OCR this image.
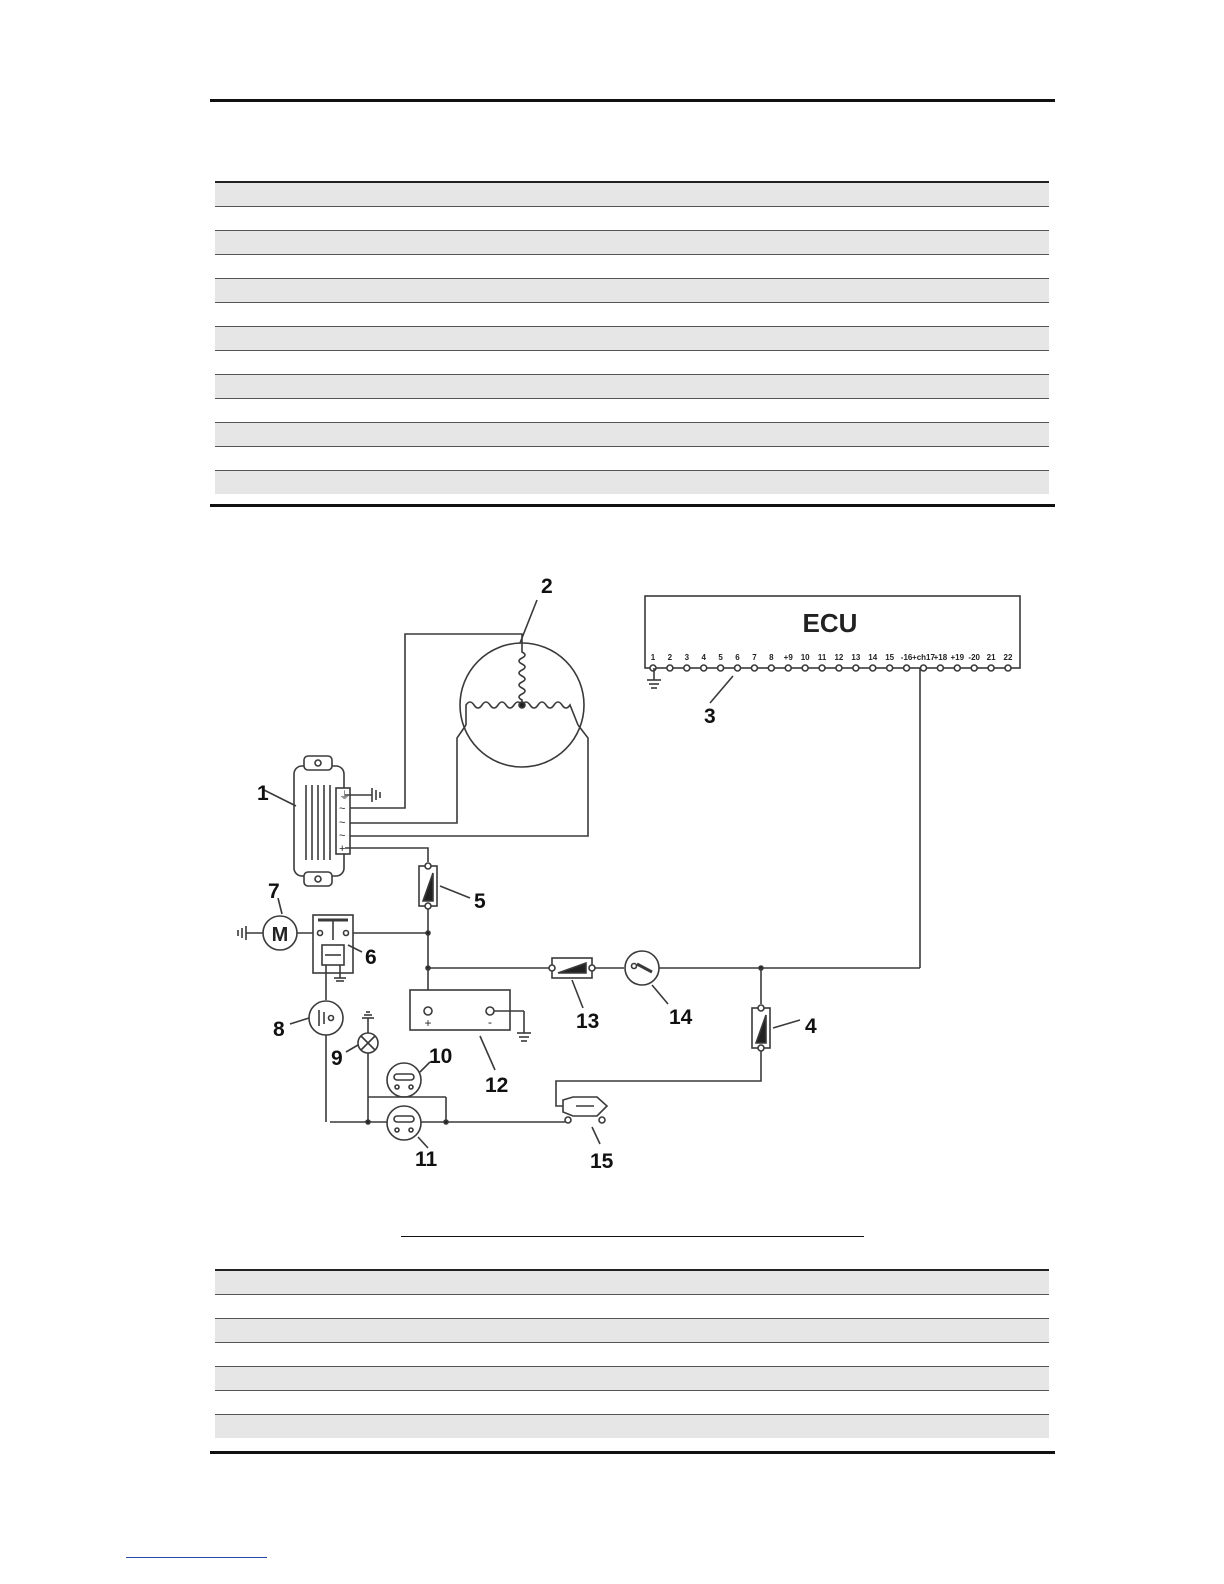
1 2 3 4 5 6 7 8 +9 10 11 12 13 14 15 -16 +ch17
+18 +19 -20 21 22
⏚
~
~
~
+
ECU
M
+	-
1
2
3
4
5
6
7
8
9	10
12
13	14
11	15
